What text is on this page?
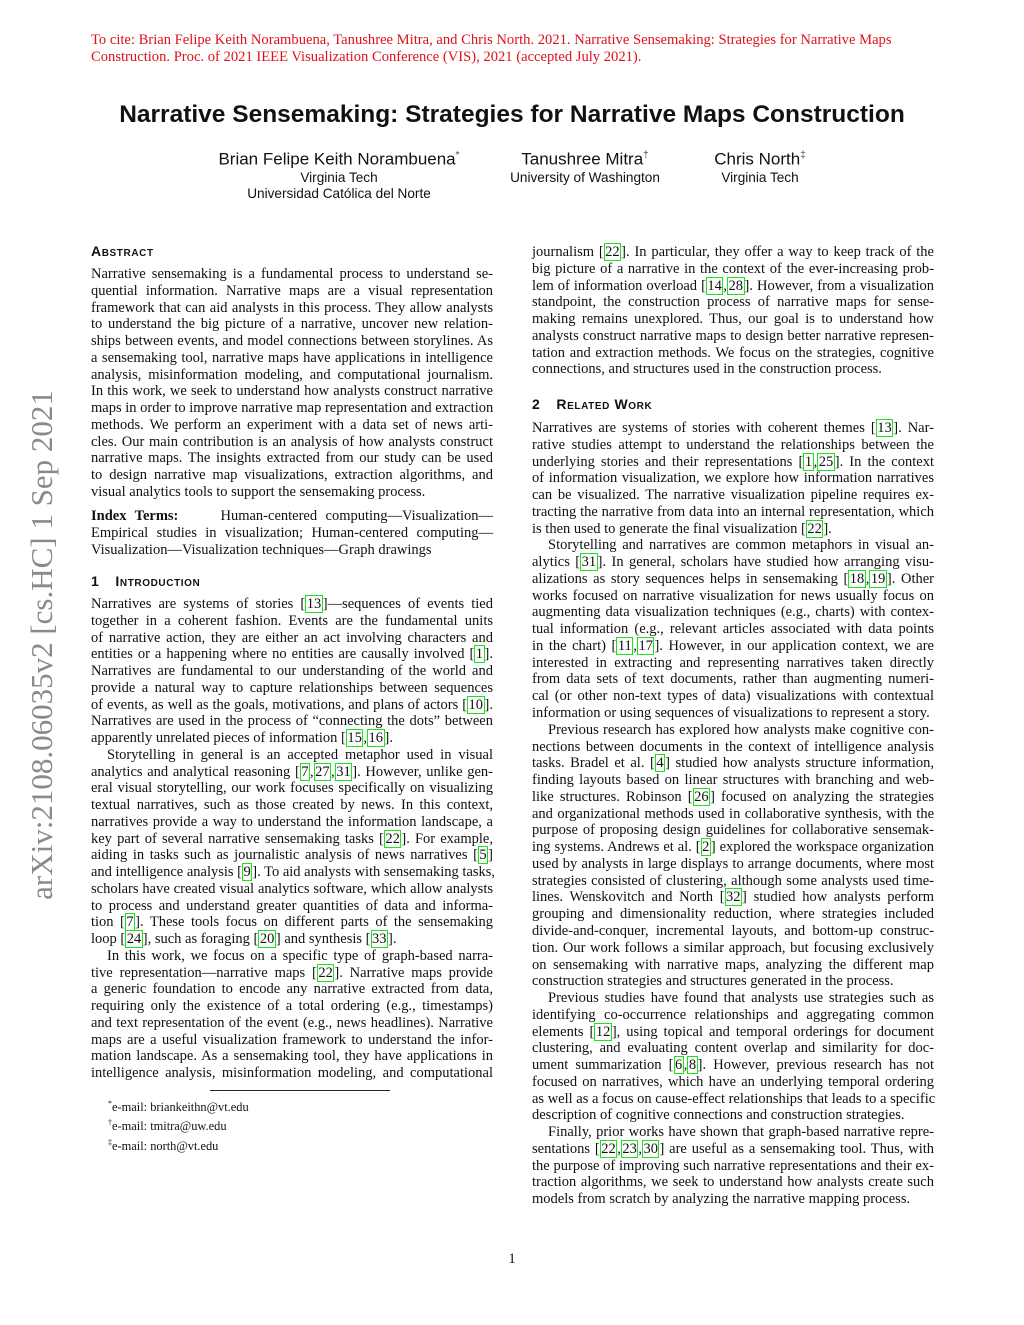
To cite: Brian Felipe Keith Norambuena, Tanushree Mitra, and Chris North. 2021. Narrative Sensemaking: Strategies for Narrative Maps
Construction. Proc. of 2021 IEEE Visualization Conference (VIS), 2021 (accepted July 2021).
Narrative Sensemaking: Strategies for Narrative Maps Construction
Brian Felipe Keith Norambuena*
Virginia Tech
Universidad Católica del Norte
Tanushree Mitra†
University of Washington
Chris North‡
Virginia Tech
arXiv:2108.06035v2 [cs.HC] 1 Sep 2021
Abstract
Narrative sensemaking is a fundamental process to understand se-
quential information. Narrative maps are a visual representation
framework that can aid analysts in this process. They allow analysts
to understand the big picture of a narrative, uncover new relation-
ships between events, and model connections between storylines. As
a sensemaking tool, narrative maps have applications in intelligence
analysis, misinformation modeling, and computational journalism.
In this work, we seek to understand how analysts construct narrative
maps in order to improve narrative map representation and extraction
methods. We perform an experiment with a data set of news arti-
cles. Our main contribution is an analysis of how analysts construct
narrative maps. The insights extracted from our study can be used
to design narrative map visualizations, extraction algorithms, and
visual analytics tools to support the sensemaking process.
Index Terms:	Human-centered computing—Visualization—
Empirical studies in visualization; Human-centered computing—
Visualization—Visualization techniques—Graph drawings
1 Introduction
Narratives are systems of stories [ 13 ]—sequences of events tied
together in a coherent fashion. Events are the fundamental units
of narrative action, they are either an act involving characters and
entities or a happening where no entities are causally involved [ 1 ].
Narratives are fundamental to our understanding of the world and
provide a natural way to capture relationships between sequences
of events, as well as the goals, motivations, and plans of actors [ 10 ].
Narratives are used in the process of “connecting the dots” between
apparently unrelated pieces of information [ 15 , 16 ].
Storytelling in general is an accepted metaphor used in visual
analytics and analytical reasoning [ 7 , 27 , 31 ]. However, unlike gen-
eral visual storytelling, our work focuses specifically on visualizing
textual narratives, such as those created by news. In this context,
narratives provide a way to understand the information landscape, a
key part of several narrative sensemaking tasks [ 22 ]. For example,
aiding in tasks such as journalistic analysis of news narratives [ 5 ]
and intelligence analysis [ 9 ]. To aid analysts with sensemaking tasks,
scholars have created visual analytics software, which allow analysts
to process and understand greater quantities of data and informa-
tion [ 7 ]. These tools focus on different parts of the sensemaking
loop [ 24 ], such as foraging [ 20 ] and synthesis [ 33 ].
In this work, we focus on a specific type of graph-based narra-
tive representation—narrative maps [ 22 ]. Narrative maps provide
a generic foundation to encode any narrative extracted from data,
requiring only the existence of a total ordering (e.g., timestamps)
and text representation of the event (e.g., news headlines). Narrative
maps are a useful visualization framework to understand the infor-
mation landscape. As a sensemaking tool, they have applications in
intelligence analysis, misinformation modeling, and computational
*e-mail: briankeithn@vt.edu
†e-mail: tmitra@uw.edu
‡e-mail: north@vt.edu
journalism [ 22 ]. In particular, they offer a way to keep track of the
big picture of a narrative in the context of the ever-increasing prob-
lem of information overload [ 14 , 28 ]. However, from a visualization
standpoint, the construction process of narrative maps for sense-
making remains unexplored. Thus, our goal is to understand how
analysts construct narrative maps to design better narrative represen-
tation and extraction methods. We focus on the strategies, cognitive
connections, and structures used in the construction process.
2 Related Work
Narratives are systems of stories with coherent themes [ 13 ]. Nar-
rative studies attempt to understand the relationships between the
underlying stories and their representations [ 1 , 25 ]. In the context
of information visualization, we explore how information narratives
can be visualized. The narrative visualization pipeline requires ex-
tracting the narrative from data into an internal representation, which
is then used to generate the final visualization [ 22 ].
Storytelling and narratives are common metaphors in visual an-
alytics [ 31 ]. In general, scholars have studied how arranging visu-
alizations as story sequences helps in sensemaking [ 18 , 19 ]. Other
works focused on narrative visualization for news usually focus on
augmenting data visualization techniques (e.g., charts) with contex-
tual information (e.g., relevant articles associated with data points
in the chart) [ 11 , 17 ]. However, in our application context, we are
interested in extracting and representing narratives taken directly
from data sets of text documents, rather than augmenting numeri-
cal (or other non-text types of data) visualizations with contextual
information or using sequences of visualizations to represent a story.
Previous research has explored how analysts make cognitive con-
nections between documents in the context of intelligence analysis
tasks. Bradel et al. [ 4 ] studied how analysts structure information,
finding layouts based on linear structures with branching and web-
like structures. Robinson [ 26 ] focused on analyzing the strategies
and organizational methods used in collaborative synthesis, with the
purpose of proposing design guidelines for collaborative sensemak-
ing systems. Andrews et al. [ 2 ] explored the workspace organization
used by analysts in large displays to arrange documents, where most
strategies consisted of clustering, although some analysts used time-
lines. Wenskovitch and North [ 32 ] studied how analysts perform
grouping and dimensionality reduction, where strategies included
divide-and-conquer, incremental layouts, and bottom-up construc-
tion. Our work follows a similar approach, but focusing exclusively
on sensemaking with narrative maps, analyzing the different map
construction strategies and structures generated in the process.
Previous studies have found that analysts use strategies such as
identifying co-occurrence relationships and aggregating common
elements [ 12 ], using topical and temporal orderings for document
clustering, and evaluating content overlap and similarity for doc-
ument summarization [ 6 , 8 ]. However, previous research has not
focused on narratives, which have an underlying temporal ordering
as well as a focus on cause-effect relationships that leads to a specific
description of cognitive connections and construction strategies.
Finally, prior works have shown that graph-based narrative repre-
sentations [ 22 , 23 , 30 ] are useful as a sensemaking tool. Thus, with
the purpose of improving such narrative representations and their ex-
traction algorithms, we seek to understand how analysts create such
models from scratch by analyzing the narrative mapping process.
1
